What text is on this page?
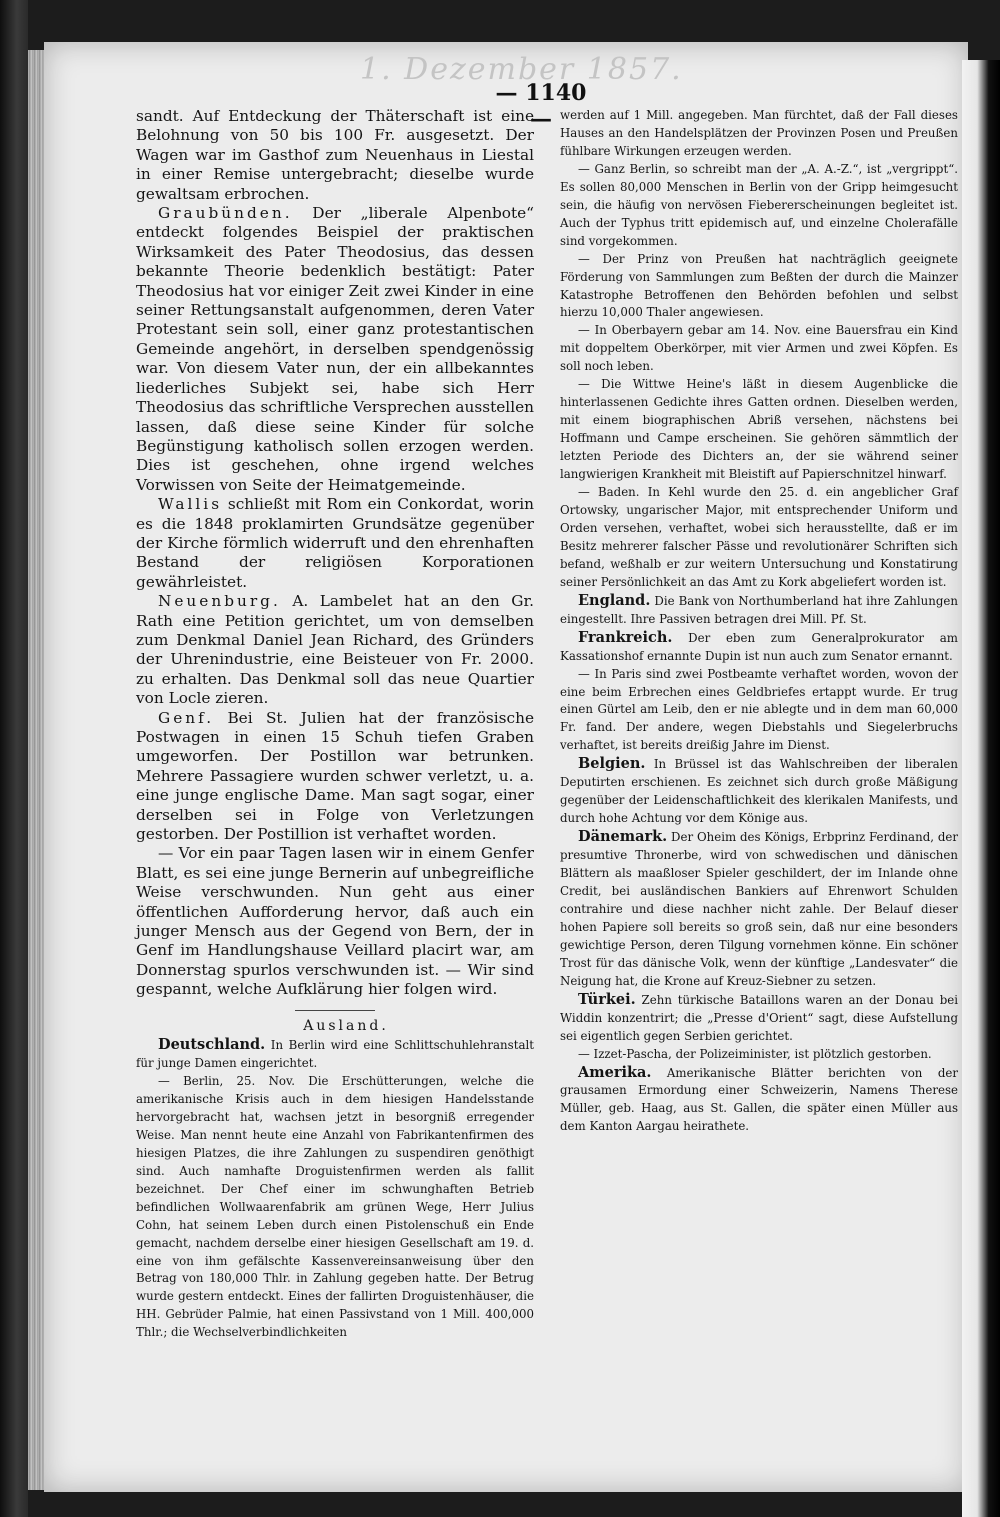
1. Dezember 1857.
— 1140 —

sandt. Auf Entdeckung der Thäterschaft ist eine Belohnung von 50 bis 100 Fr. ausgesetzt. Der Wagen war im Gasthof zum Neuenhaus in Liestal in einer Remise untergebracht; dieselbe wurde gewaltsam erbrochen.

Graubünden. Der „liberale Alpenbote“ entdeckt folgendes Beispiel der praktischen Wirksamkeit des Pater Theodosius, das dessen bekannte Theorie bedenklich bestätigt: Pater Theodosius hat vor einiger Zeit zwei Kinder in eine seiner Rettungsanstalt aufgenommen, deren Vater Protestant sein soll, einer ganz protestantischen Gemeinde angehört, in derselben spendgenössig war. Von diesem Vater nun, der ein allbekanntes liederliches Subjekt sei, habe sich Herr Theodosius das schriftliche Versprechen ausstellen lassen, daß diese seine Kinder für solche Begünstigung katholisch sollen erzogen werden. Dies ist geschehen, ohne irgend welches Vorwissen von Seite der Heimatgemeinde.

Wallis schließt mit Rom ein Conkordat, worin es die 1848 proklamirten Grundsätze gegenüber der Kirche förmlich widerruft und den ehrenhaften Bestand der religiösen Korporationen gewährleistet.

Neuenburg. A. Lambelet hat an den Gr. Rath eine Petition gerichtet, um von demselben zum Denkmal Daniel Jean Richard, des Gründers der Uhrenindustrie, eine Beisteuer von Fr. 2000. zu erhalten. Das Denkmal soll das neue Quartier von Locle zieren.

Genf. Bei St. Julien hat der französische Postwagen in einen 15 Schuh tiefen Graben umgeworfen. Der Postillon war betrunken. Mehrere Passagiere wurden schwer verletzt, u. a. eine junge englische Dame. Man sagt sogar, einer derselben sei in Folge von Verletzungen gestorben. Der Postillion ist verhaftet worden.

— Vor ein paar Tagen lasen wir in einem Genfer Blatt, es sei eine junge Bernerin auf unbegreifliche Weise verschwunden. Nun geht aus einer öffentlichen Aufforderung hervor, daß auch ein junger Mensch aus der Gegend von Bern, der in Genf im Handlungshause Veillard placirt war, am Donnerstag spurlos verschwunden ist. — Wir sind gespannt, welche Aufklärung hier folgen wird.

Ausland.

Deutschland. In Berlin wird eine Schlittschuhlehranstalt für junge Damen eingerichtet.

— Berlin, 25. Nov. Die Erschütterungen, welche die amerikanische Krisis auch in dem hiesigen Handelsstande hervorgebracht hat, wachsen jetzt in besorgniß erregender Weise. Man nennt heute eine Anzahl von Fabrikantenfirmen des hiesigen Platzes, die ihre Zahlungen zu suspendiren genöthigt sind. Auch namhafte Droguistenfirmen werden als fallit bezeichnet. Der Chef einer im schwunghaften Betrieb befindlichen Wollwaarenfabrik am grünen Wege, Herr Julius Cohn, hat seinem Leben durch einen Pistolenschuß ein Ende gemacht, nachdem derselbe einer hiesigen Gesellschaft am 19. d. eine von ihm gefälschte Kassenvereinsanweisung über den Betrag von 180,000 Thlr. in Zahlung gegeben hatte. Der Betrug wurde gestern entdeckt. Eines der fallirten Droguistenhäuser, die HH. Gebrüder Palmie, hat einen Passivstand von 1 Mill. 400,000 Thlr.; die Wechselverbindlichkeiten

werden auf 1 Mill. angegeben. Man fürchtet, daß der Fall dieses Hauses an den Handelsplätzen der Provinzen Posen und Preußen fühlbare Wirkungen erzeugen werden.

— Ganz Berlin, so schreibt man der „A. A.-Z.“, ist „vergrippt“. Es sollen 80,000 Menschen in Berlin von der Gripp heimgesucht sein, die häufig von nervösen Fiebererscheinungen begleitet ist. Auch der Typhus tritt epidemisch auf, und einzelne Cholerafälle sind vorgekommen.

— Der Prinz von Preußen hat nachträglich geeignete Förderung von Sammlungen zum Beßten der durch die Mainzer Katastrophe Betroffenen den Behörden befohlen und selbst hierzu 10,000 Thaler angewiesen.

— In Oberbayern gebar am 14. Nov. eine Bauersfrau ein Kind mit doppeltem Oberkörper, mit vier Armen und zwei Köpfen. Es soll noch leben.

— Die Wittwe Heine's läßt in diesem Augenblicke die hinterlassenen Gedichte ihres Gatten ordnen. Dieselben werden, mit einem biographischen Abriß versehen, nächstens bei Hoffmann und Campe erscheinen. Sie gehören sämmtlich der letzten Periode des Dichters an, der sie während seiner langwierigen Krankheit mit Bleistift auf Papierschnitzel hinwarf.

— Baden. In Kehl wurde den 25. d. ein angeblicher Graf Ortowsky, ungarischer Major, mit entsprechender Uniform und Orden versehen, verhaftet, wobei sich herausstellte, daß er im Besitz mehrerer falscher Pässe und revolutionärer Schriften sich befand, weßhalb er zur weitern Untersuchung und Konstatirung seiner Persönlichkeit an das Amt zu Kork abgeliefert worden ist.

England. Die Bank von Northumberland hat ihre Zahlungen eingestellt. Ihre Passiven betragen drei Mill. Pf. St.

Frankreich. Der eben zum Generalprokurator am Kassationshof ernannte Dupin ist nun auch zum Senator ernannt.

— In Paris sind zwei Postbeamte verhaftet worden, wovon der eine beim Erbrechen eines Geldbriefes ertappt wurde. Er trug einen Gürtel am Leib, den er nie ablegte und in dem man 60,000 Fr. fand. Der andere, wegen Diebstahls und Siegelerbruchs verhaftet, ist bereits dreißig Jahre im Dienst.

Belgien. In Brüssel ist das Wahlschreiben der liberalen Deputirten erschienen. Es zeichnet sich durch große Mäßigung gegenüber der Leidenschaftlichkeit des klerikalen Manifests, und durch hohe Achtung vor dem Könige aus.

Dänemark. Der Oheim des Königs, Erbprinz Ferdinand, der presumtive Thronerbe, wird von schwedischen und dänischen Blättern als maaßloser Spieler geschildert, der im Inlande ohne Credit, bei ausländischen Bankiers auf Ehrenwort Schulden contrahire und diese nachher nicht zahle. Der Belauf dieser hohen Papiere soll bereits so groß sein, daß nur eine besonders gewichtige Person, deren Tilgung vornehmen könne. Ein schöner Trost für das dänische Volk, wenn der künftige „Landesvater“ die Neigung hat, die Krone auf Kreuz-Siebner zu setzen.

Türkei. Zehn türkische Bataillons waren an der Donau bei Widdin konzentrirt; die „Presse d'Orient“ sagt, diese Aufstellung sei eigentlich gegen Serbien gerichtet.

— Izzet-Pascha, der Polizeiminister, ist plötzlich gestorben.

Amerika. Amerikanische Blätter berichten von der grausamen Ermordung einer Schweizerin, Namens Therese Müller, geb. Haag, aus St. Gallen, die später einen Müller aus dem Kanton Aargau heirathete.
